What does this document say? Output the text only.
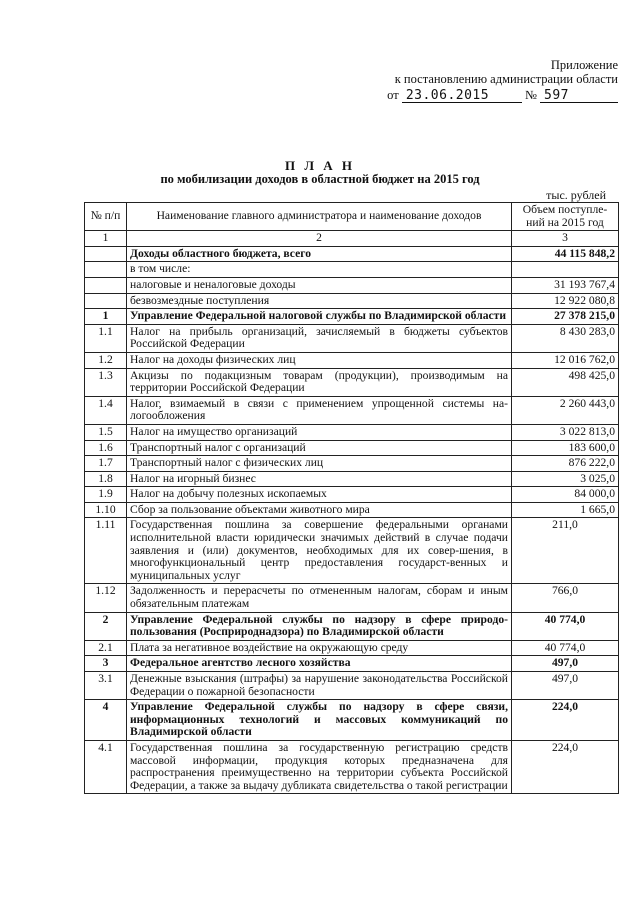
Приложение
к постановлению администрации области
от 23.06.2015	№ 597
П Л А Н
по мобилизации доходов в областной бюджет на 2015 год
тыс. рублей
№ п/п	Наименование главного администратора и наименование доходов	Объем поступле-ний на 2015 год
1	2	3
	Доходы областного бюджета, всего	44 115 848,2
	в том числе:	
	налоговые и неналоговые доходы	31 193 767,4
	безвозмездные поступления	12 922 080,8
1	Управление Федеральной налоговой службы по Владимирской области	27 378 215,0
1.1	Налог на прибыль организаций, зачисляемый в бюджеты субъектов Российской Федерации	8 430 283,0
1.2	Налог на доходы физических лиц	12 016 762,0
1.3	Акцизы по подакцизным товарам (продукции), производимым на территории Российской Федерации	498 425,0
1.4	Налог, взимаемый в связи с применением упрощенной системы на-логообложения	2 260 443,0
1.5	Налог на имущество организаций	3 022 813,0
1.6	Транспортный налог с организаций	183 600,0
1.7	Транспортный налог с физических лиц	876 222,0
1.8	Налог на игорный бизнес	3 025,0
1.9	Налог на добычу полезных ископаемых	84 000,0
1.10	Сбор за пользование объектами животного мира	1 665,0
1.11	Государственная пошлина за совершение федеральными органами исполнительной власти юридически значимых действий в случае подачи заявления и (или) документов, необходимых для их совер-шения, в многофункциональный центр предоставления государст-венных и муниципальных услуг	211,0
1.12	Задолженность и перерасчеты по отмененным налогам, сборам и иным обязательным платежам	766,0
2	Управление Федеральной службы по надзору в сфере природо-пользования (Росприроднадзора) по Владимирской области	40 774,0
2.1	Плата за негативное воздействие на окружающую среду	40 774,0
3	Федеральное агентство лесного хозяйства	497,0
3.1	Денежные взыскания (штрафы) за нарушение законодательства Российской Федерации о пожарной безопасности	497,0
4	Управление Федеральной службы по надзору в сфере связи, информационных технологий и массовых коммуникаций по Владимирской области	224,0
4.1	Государственная пошлина за государственную регистрацию средств массовой информации, продукция которых предназначена для распространения преимущественно на территории субъекта Российской Федерации, а также за выдачу дубликата свидетельства о такой регистрации	224,0
